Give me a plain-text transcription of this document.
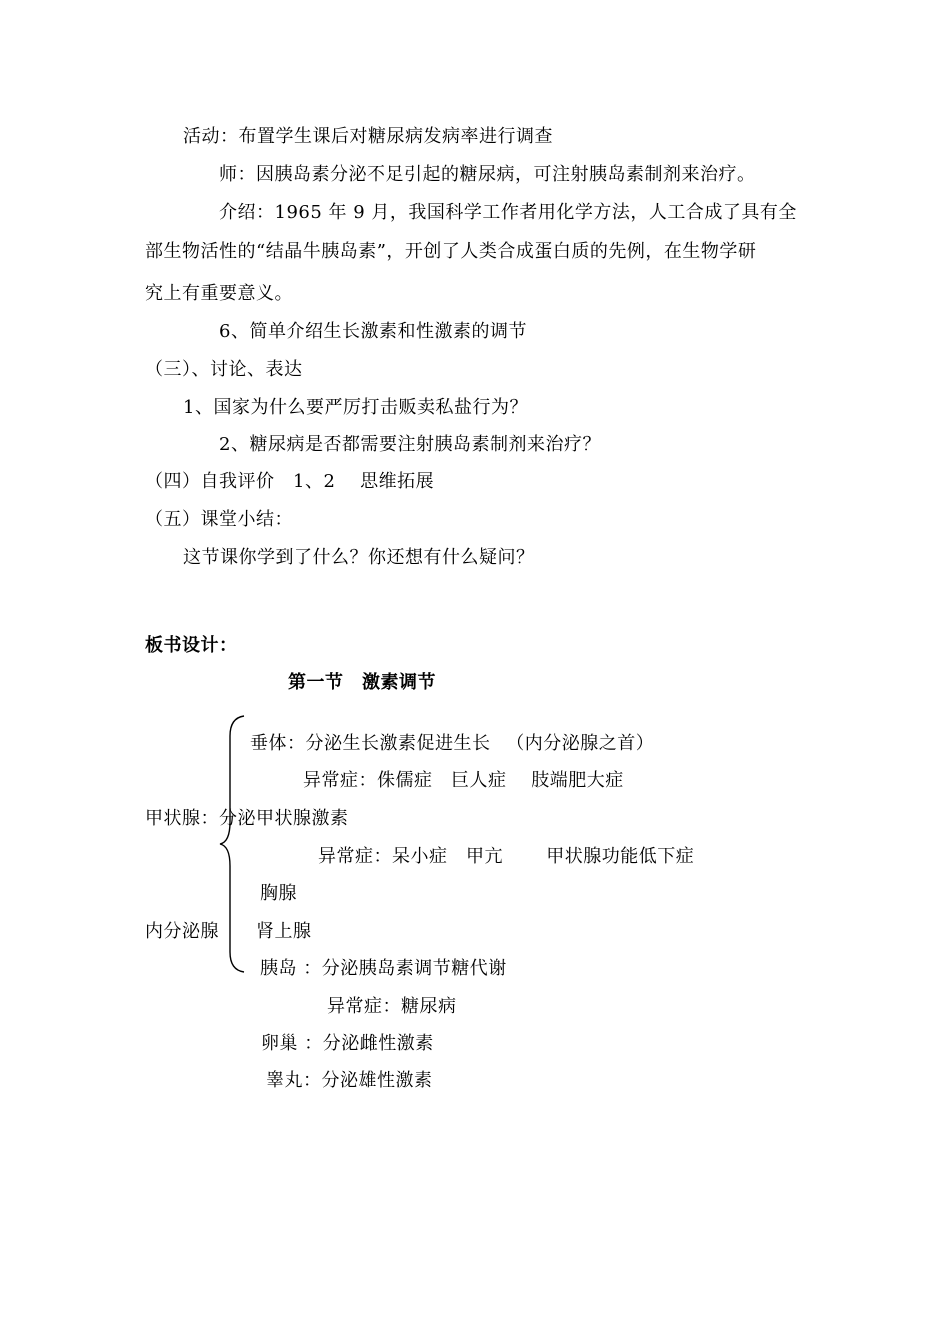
活动：布置学生课后对糖尿病发病率进行调查
师：因胰岛素分泌不足引起的糖尿病，可注射胰岛素制剂来治疗。
介绍：1965 年 9 月，我国科学工作者用化学方法，人工合成了具有全
部生物活性的“结晶牛胰岛素”，开创了人类合成蛋白质的先例，在生物学研
究上有重要意义。
6、简单介绍生长激素和性激素的调节
（三）、讨论、表达
1、国家为什么要严厉打击贩卖私盐行为？
2、糖尿病是否都需要注射胰岛素制剂来治疗？
（四）自我评价　1、2　 思维拓展
（五）课堂小结：
这节课你学到了什么？你还想有什么疑问？
板书设计：
第一节　激素调节
垂体：分泌生长激素促进生长 　（内分泌腺之首）
异常症：侏儒症　巨人症　 肢端肥大症
甲状腺：分泌甲状腺激素
异常症：呆小症　甲亢　　 甲状腺功能低下症
胸腺
内分泌腺 肾上腺
胰岛 ：分泌胰岛素调节糖代谢
异常症：糖尿病
卵巢 ：分泌雌性激素
睾丸：分泌雄性激素
